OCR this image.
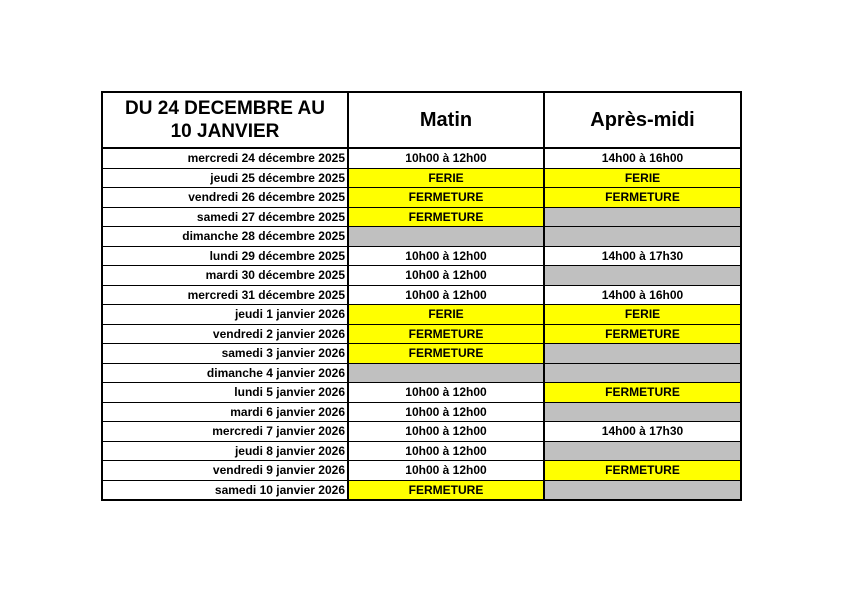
DU 24 DECEMBRE AU
10 JANVIER	Matin	Après-midi
mercredi 24 décembre 2025	10h00 à 12h00	14h00 à 16h00
jeudi 25 décembre 2025	FERIE	FERIE
vendredi 26 décembre 2025	FERMETURE	FERMETURE
samedi 27 décembre 2025	FERMETURE	
dimanche 28 décembre 2025		
lundi 29 décembre 2025	10h00 à 12h00	14h00 à 17h30
mardi 30 décembre 2025	10h00 à 12h00	
mercredi 31 décembre 2025	10h00 à 12h00	14h00 à 16h00
jeudi 1 janvier 2026	FERIE	FERIE
vendredi 2 janvier 2026	FERMETURE	FERMETURE
samedi 3 janvier 2026	FERMETURE	
dimanche 4 janvier 2026		
lundi 5 janvier 2026	10h00 à 12h00	FERMETURE
mardi 6 janvier 2026	10h00 à 12h00	
mercredi 7 janvier 2026	10h00 à 12h00	14h00 à 17h30
jeudi 8 janvier 2026	10h00 à 12h00	
vendredi 9 janvier 2026	10h00 à 12h00	FERMETURE
samedi 10 janvier 2026	FERMETURE	
